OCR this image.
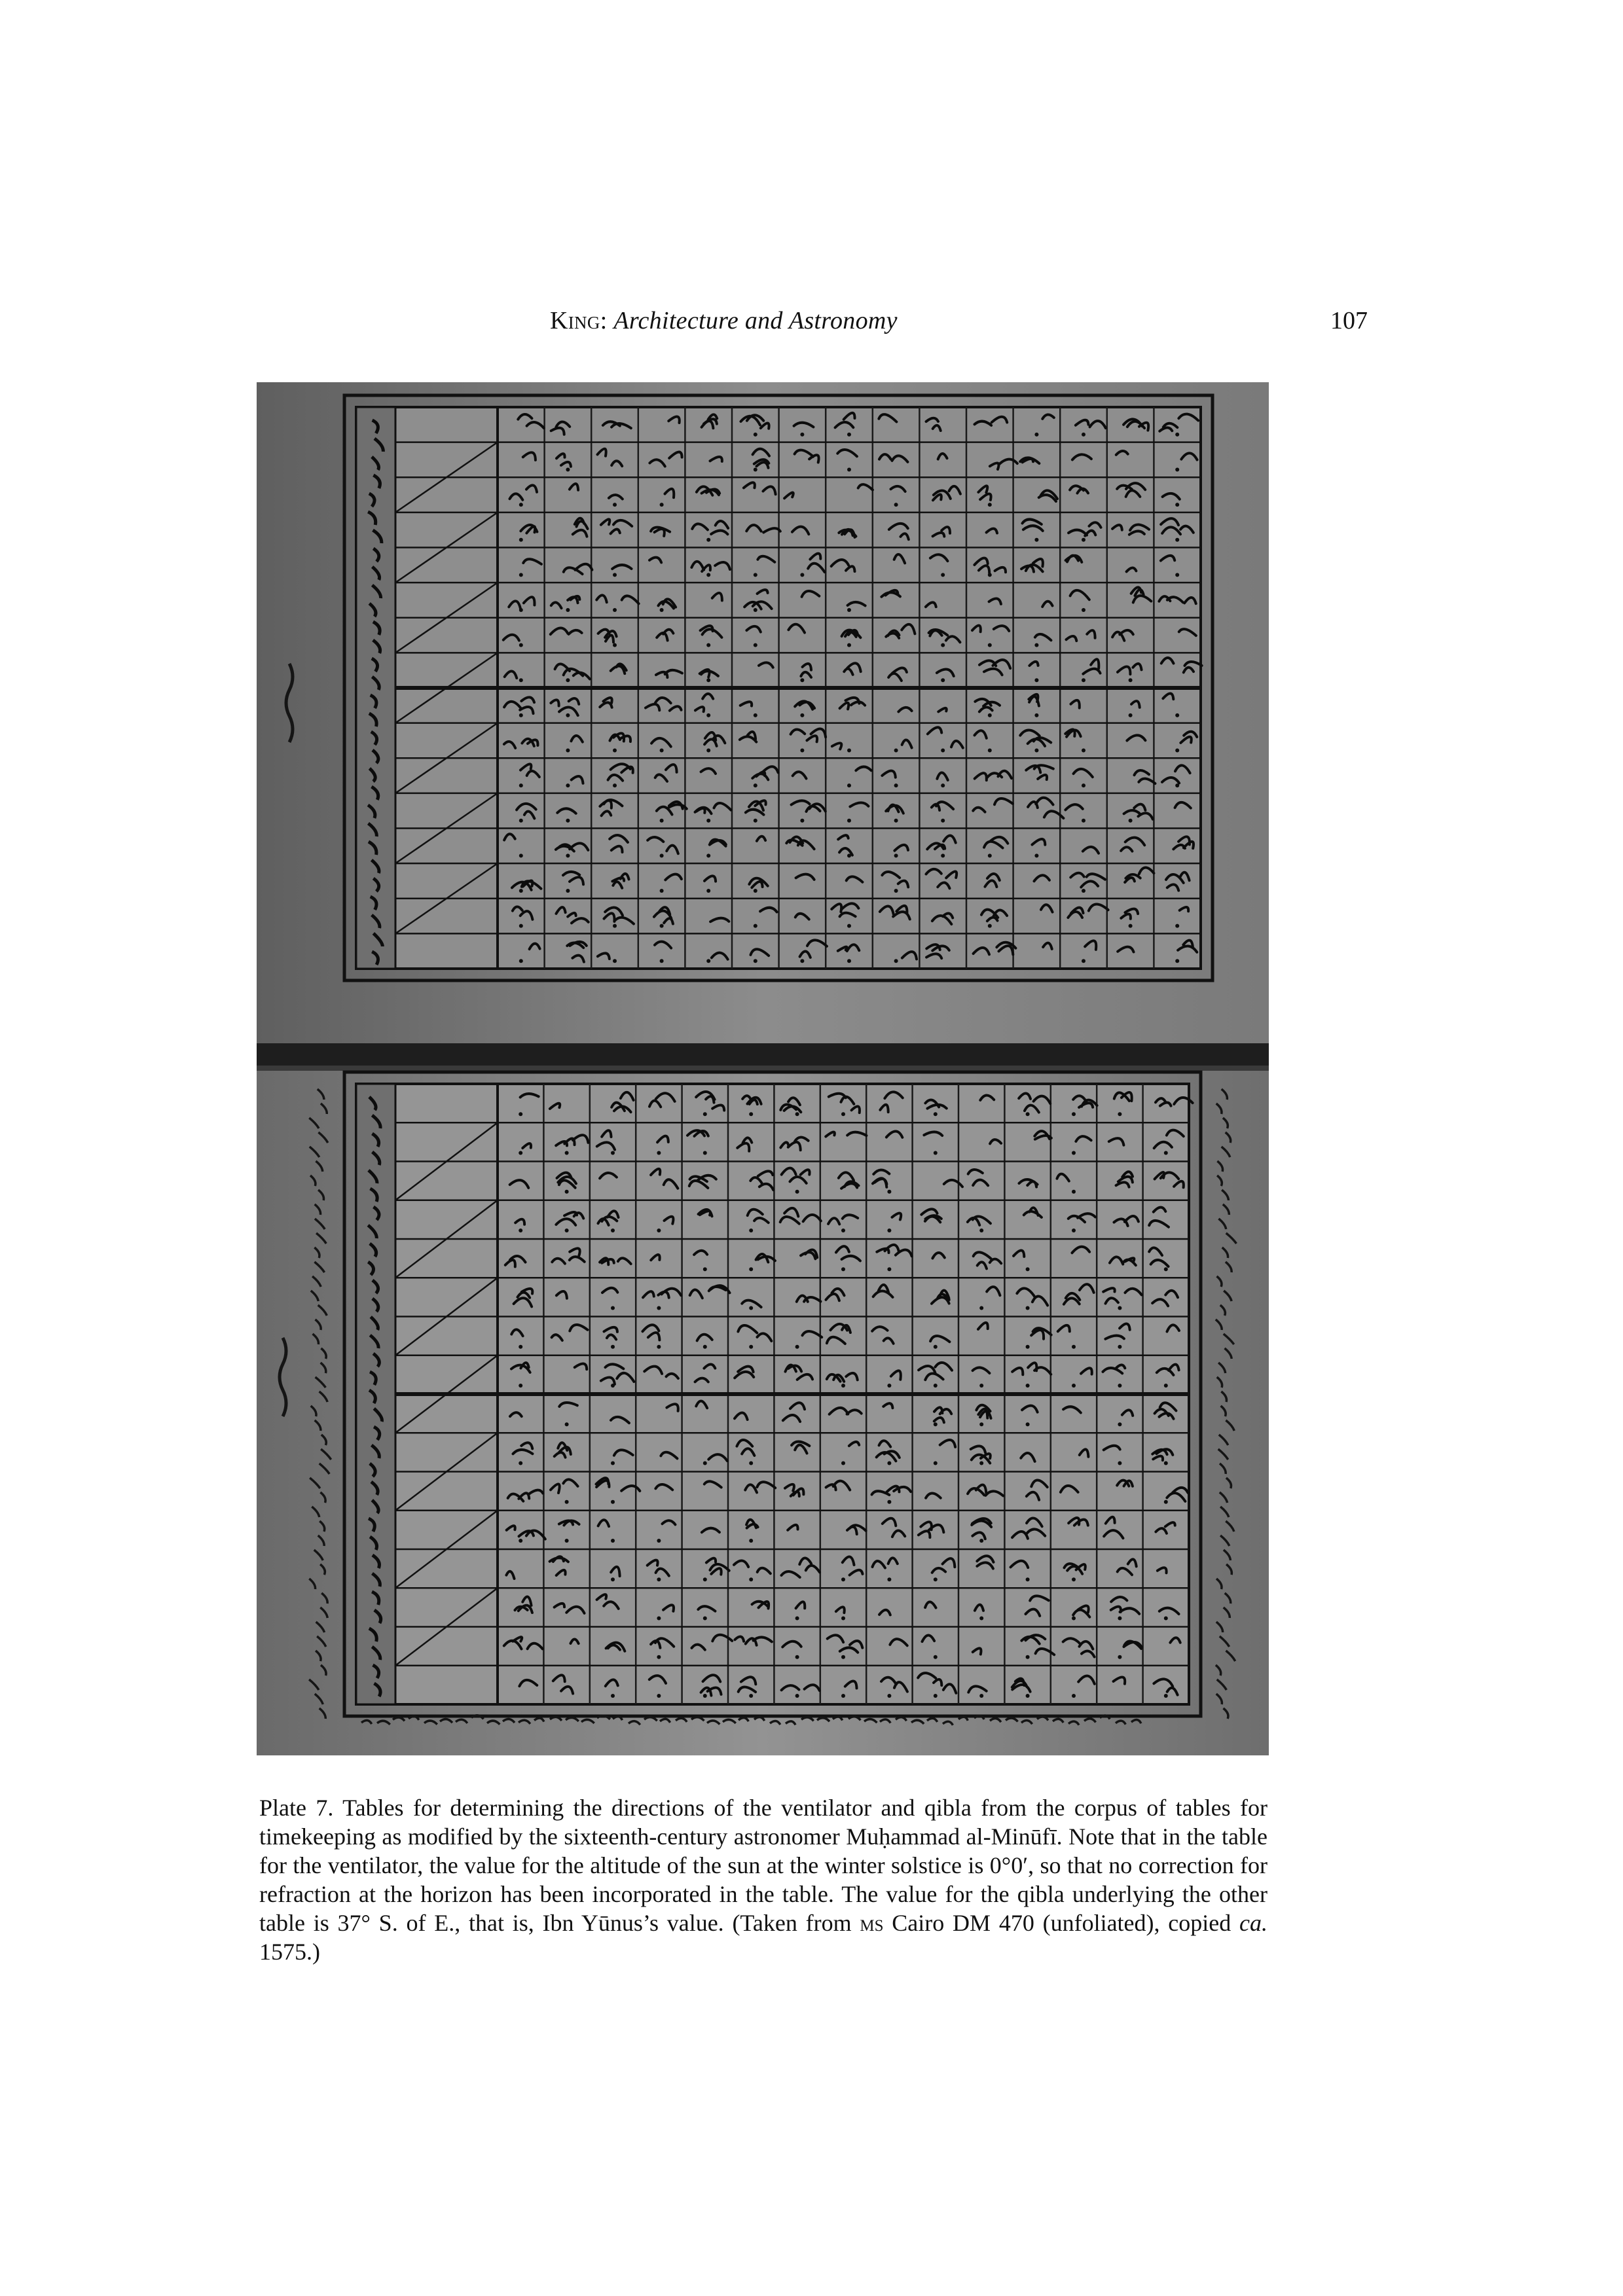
King: Architecture and Astronomy	107
Plate 7. Tables for determining the directions of the ventilator and qibla from the corpus of tables for timekeeping as modified by the sixteenth-century astronomer Muḥammad al-Minūfī. Note that in the table for the ventilator, the value for the altitude of the sun at the winter solstice is 0°0′, so that no correction for refraction at the horizon has been incorporated in the table. The value for the qibla underlying the other table is 37° S. of E., that is, Ibn Yūnus’s value. (Taken from ms Cairo DM 470 (unfoliated), copied ca. 1575.)
